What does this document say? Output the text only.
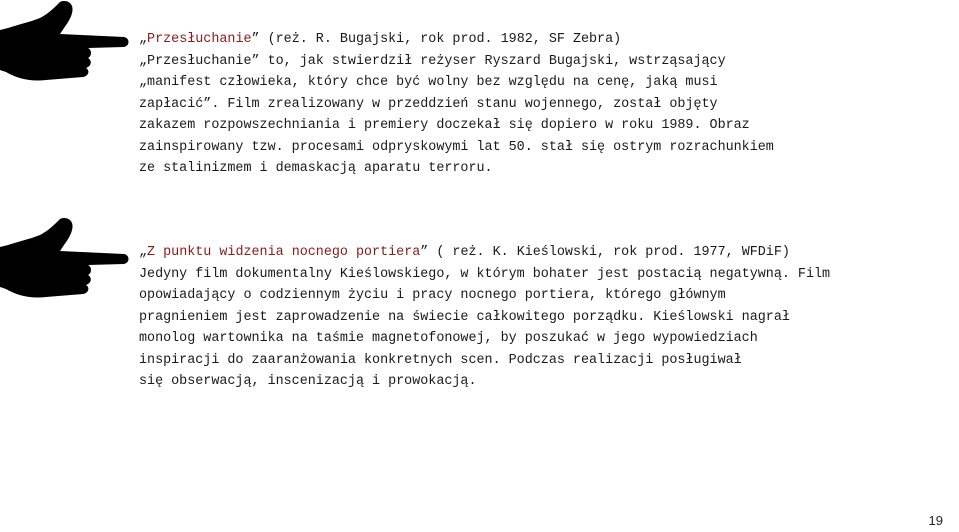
„Przesłuchanie” (reż. R. Bugajski, rok prod. 1982, SF Zebra)
„Przesłuchanie” to, jak stwierdził reżyser Ryszard Bugajski, wstrząsający
„manifest człowieka, który chce być wolny bez względu na cenę, jaką musi
zapłacić”. Film zrealizowany w przeddzień stanu wojennego, został objęty
zakazem rozpowszechniania i premiery doczekał się dopiero w roku 1989. Obraz
zainspirowany tzw. procesami odpryskowymi lat 50. stał się ostrym rozrachunkiem
ze stalinizmem i demaskacją aparatu terroru.
„Z punktu widzenia nocnego portiera” ( reż. K. Kieślowski, rok prod. 1977, WFDiF)
Jedyny film dokumentalny Kieślowskiego, w którym bohater jest postacią negatywną. Film
opowiadający o codziennym życiu i pracy nocnego portiera, którego głównym
pragnieniem jest zaprowadzenie na świecie całkowitego porządku. Kieślowski nagrał
monolog wartownika na taśmie magnetofonowej, by poszukać w jego wypowiedziach
inspiracji do zaaranżowania konkretnych scen. Podczas realizacji posługiwał
się obserwacją, inscenizacją i prowokacją.
19
